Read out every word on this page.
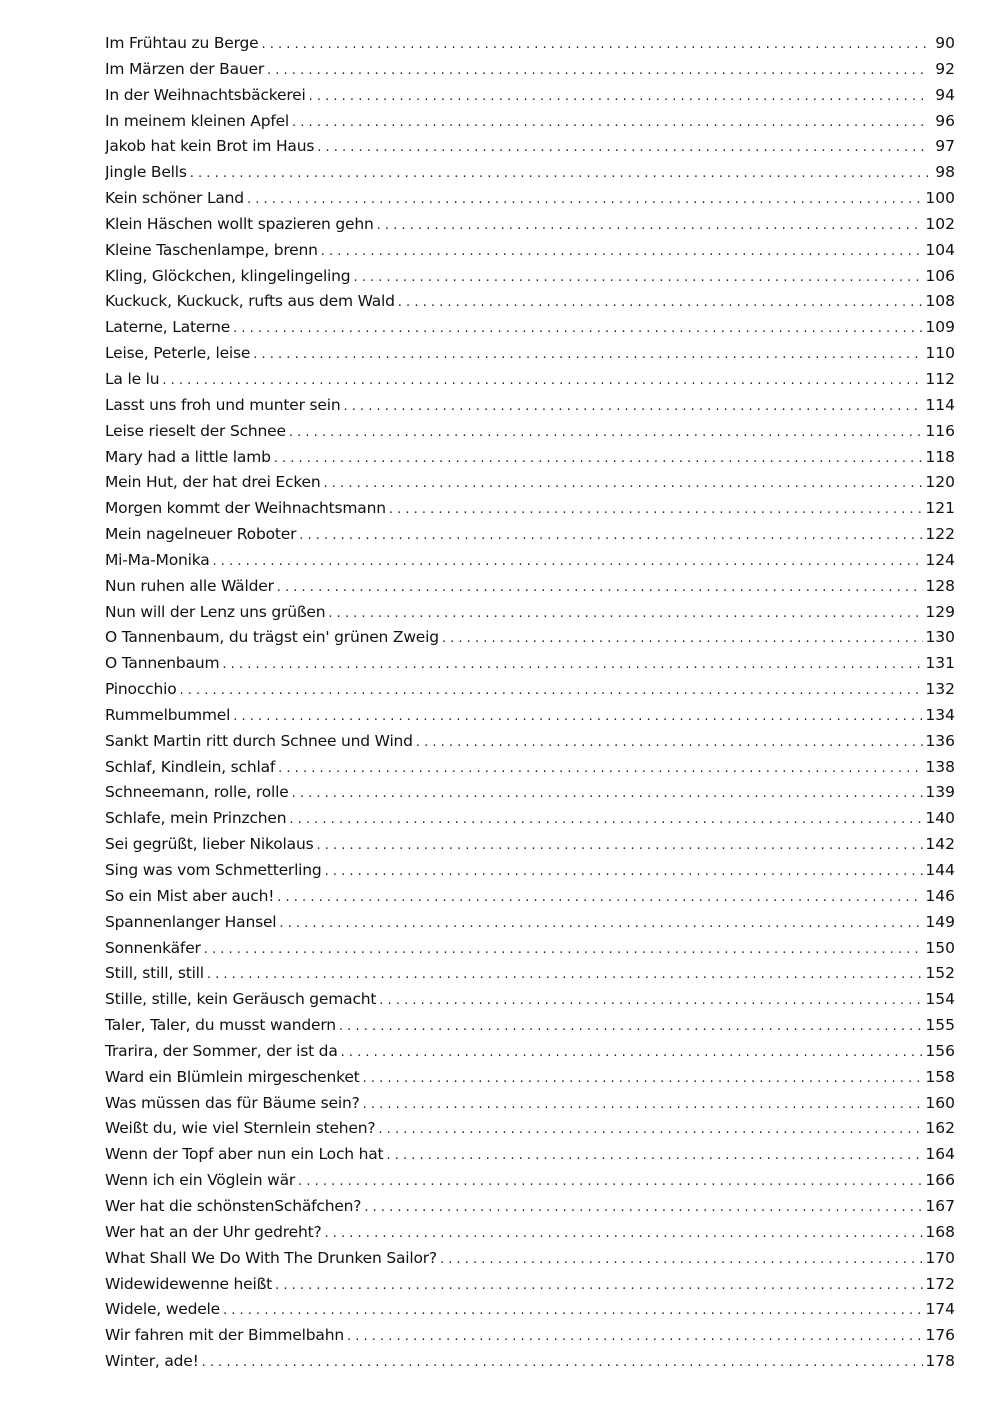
Im Frühtau zu Berge . . .	90
Im Märzen der Bauer . . .	92
In der Weihnachtsbäckerei . . .	94
In meinem kleinen Apfel . . .	96
Jakob hat kein Brot im Haus . . .	97
Jingle Bells . . .	98
Kein schöner Land . . .	100
Klein Häschen wollt spazieren gehn . . .	102
Kleine Taschenlampe, brenn . . .	104
Kling, Glöckchen, klingelingeling . . .	106
Kuckuck, Kuckuck, rufts aus dem Wald . . .	108
Laterne, Laterne . . .	109
Leise, Peterle, leise . . .	110
La le lu . . .	112
Lasst uns froh und munter sein . . .	114
Leise rieselt der Schnee . . .	116
Mary had a little lamb . . .	118
Mein Hut, der hat drei Ecken . . .	120
Morgen kommt der Weihnachtsmann . . .	121
Mein nagelneuer Roboter . . .	122
Mi-Ma-Monika . . .	124
Nun ruhen alle Wälder . . .	128
Nun will der Lenz uns grüßen . . .	129
O Tannenbaum, du trägst ein' grünen Zweig . . .	130
O Tannenbaum . . .	131
Pinocchio . . .	132
Rummelbummel . . .	134
Sankt Martin ritt durch Schnee und Wind . . .	136
Schlaf, Kindlein, schlaf . . .	138
Schneemann, rolle, rolle . . .	139
Schlafe, mein Prinzchen . . .	140
Sei gegrüßt, lieber Nikolaus . . .	142
Sing was vom Schmetterling . . .	144
So ein Mist aber auch! . . .	146
Spannenlanger Hansel . . .	149
Sonnenkäfer . . .	150
Still, still, still . . .	152
Stille, stille, kein Geräusch gemacht . . .	154
Taler, Taler, du musst wandern . . .	155
Trarira, der Sommer, der ist da . . .	156
Ward ein Blümlein mirgeschenket . . .	158
Was müssen das für Bäume sein? . . .	160
Weißt du, wie viel Sternlein stehen? . . .	162
Wenn der Topf aber nun ein Loch hat . . .	164
Wenn ich ein Vöglein wär . . .	166
Wer hat die schönstenSchäfchen? . . .	167
Wer hat an der Uhr gedreht? . . .	168
What Shall We Do With The Drunken Sailor? . . .	170
Widewidewenne heißt . . .	172
Widele, wedele . . .	174
Wir fahren mit der Bimmelbahn . . .	176
Winter, ade! . . .	178
